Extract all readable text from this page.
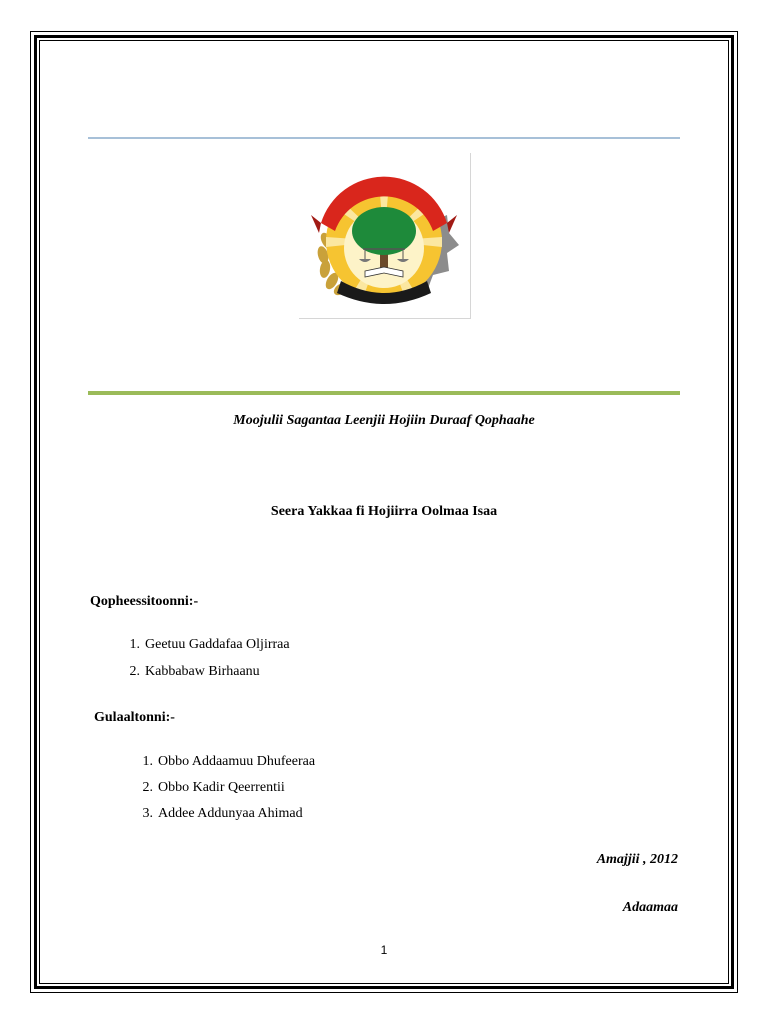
Moojulii Sagantaa Leenjii Hojiin Duraaf Qophaahe
Seera Yakkaa fi Hojiirra Oolmaa Isaa
Qopheessitoonni:-
1. Geetuu Gaddafaa Oljirraa
2. Kabbabaw Birhaanu
Gulaaltonni:-
1. Obbo Addaamuu Dhufeeraa
2. Obbo Kadir Qeerrentii
3. Addee Addunyaa Ahimad
Amajjii , 2012
Adaamaa
1
